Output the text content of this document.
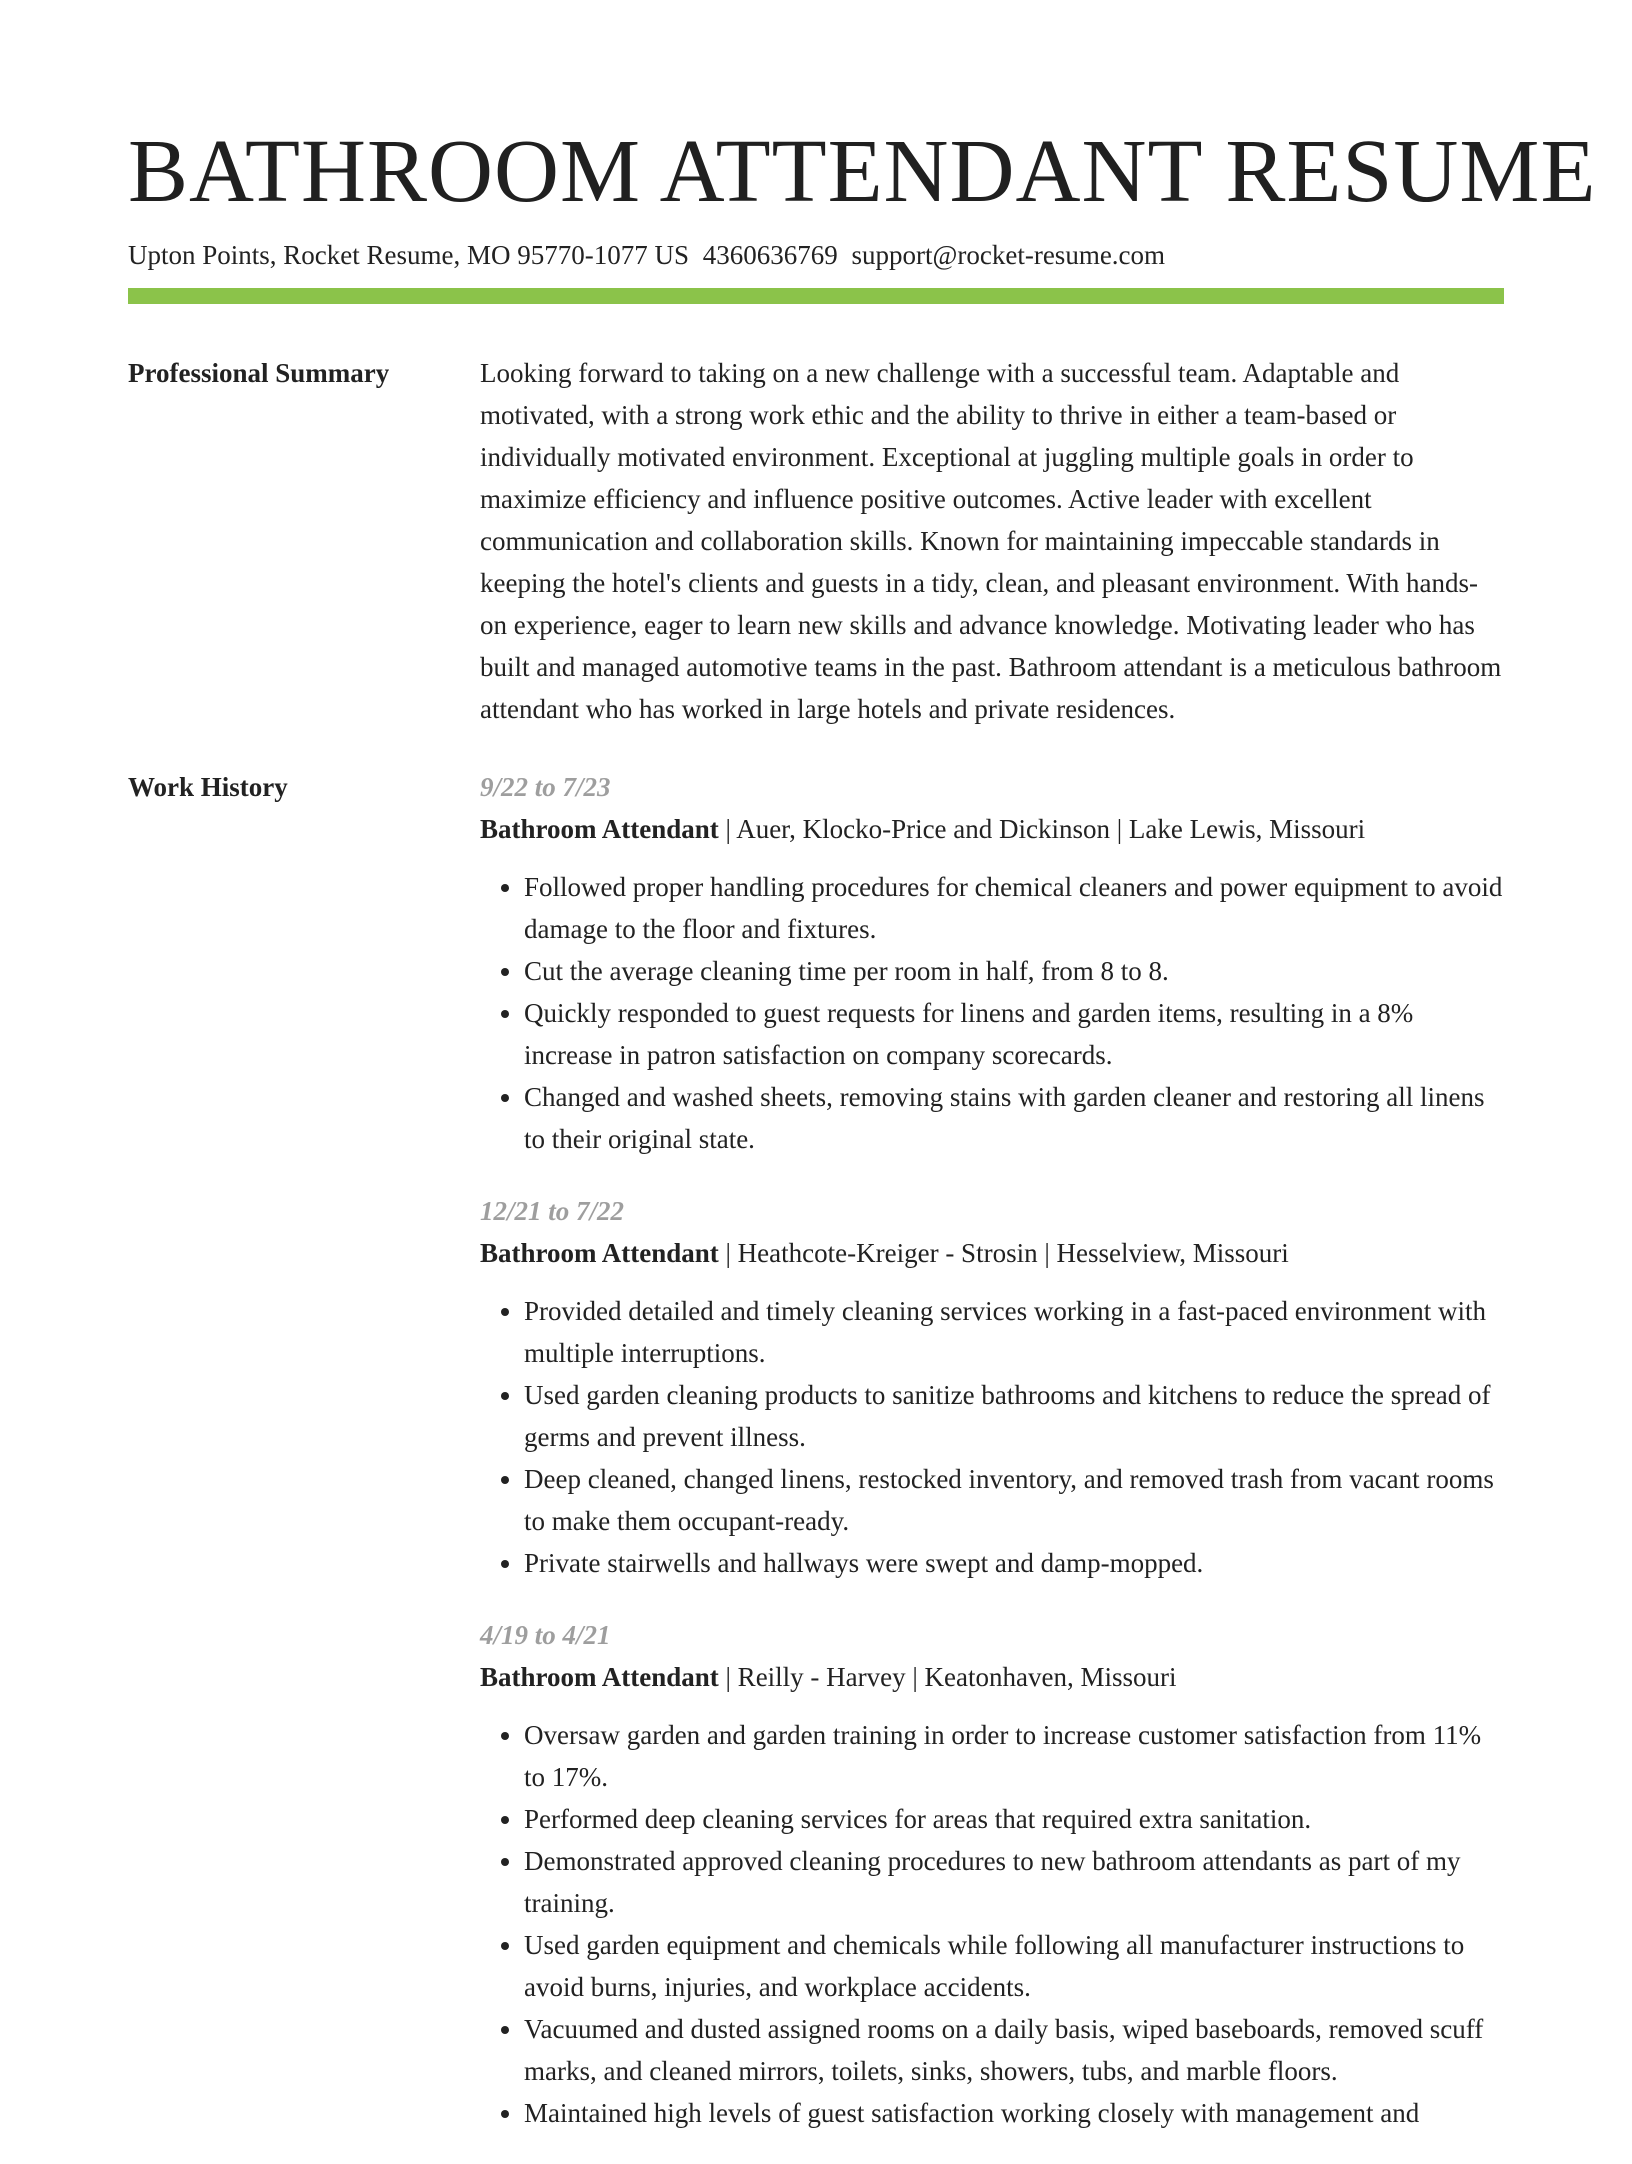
BATHROOM ATTENDANT RESUME
Upton Points, Rocket Resume, MO 95770-1077 US 4360636769 support@rocket-resume.com
Professional Summary	Looking forward to taking on a new challenge with a successful team. Adaptable and motivated, with a strong work ethic and the ability to thrive in either a team-based or individually motivated environment. Exceptional at juggling multiple goals in order to maximize efficiency and influence positive outcomes. Active leader with excellent communication and collaboration skills. Known for maintaining impeccable standards in keeping the hotel's clients and guests in a tidy, clean, and pleasant environment. With hands-on experience, eager to learn new skills and advance knowledge. Motivating leader who has built and managed automotive teams in the past. Bathroom attendant is a meticulous bathroom attendant who has worked in large hotels and private residences.

Work History	9/22 to 7/23
Bathroom Attendant | Auer, Klocko-Price and Dickinson | Lake Lewis, Missouri
• Followed proper handling procedures for chemical cleaners and power equipment to avoid damage to the floor and fixtures.
• Cut the average cleaning time per room in half, from 8 to 8.
• Quickly responded to guest requests for linens and garden items, resulting in a 8% increase in patron satisfaction on company scorecards.
• Changed and washed sheets, removing stains with garden cleaner and restoring all linens to their original state.
12/21 to 7/22
Bathroom Attendant | Heathcote-Kreiger - Strosin | Hesselview, Missouri
• Provided detailed and timely cleaning services working in a fast-paced environment with multiple interruptions.
• Used garden cleaning products to sanitize bathrooms and kitchens to reduce the spread of germs and prevent illness.
• Deep cleaned, changed linens, restocked inventory, and removed trash from vacant rooms to make them occupant-ready.
• Private stairwells and hallways were swept and damp-mopped.
4/19 to 4/21
Bathroom Attendant | Reilly - Harvey | Keatonhaven, Missouri
• Oversaw garden and garden training in order to increase customer satisfaction from 11% to 17%.
• Performed deep cleaning services for areas that required extra sanitation.
• Demonstrated approved cleaning procedures to new bathroom attendants as part of my training.
• Used garden equipment and chemicals while following all manufacturer instructions to avoid burns, injuries, and workplace accidents.
• Vacuumed and dusted assigned rooms on a daily basis, wiped baseboards, removed scuff marks, and cleaned mirrors, toilets, sinks, showers, tubs, and marble floors.
• Maintained high levels of guest satisfaction working closely with management and
